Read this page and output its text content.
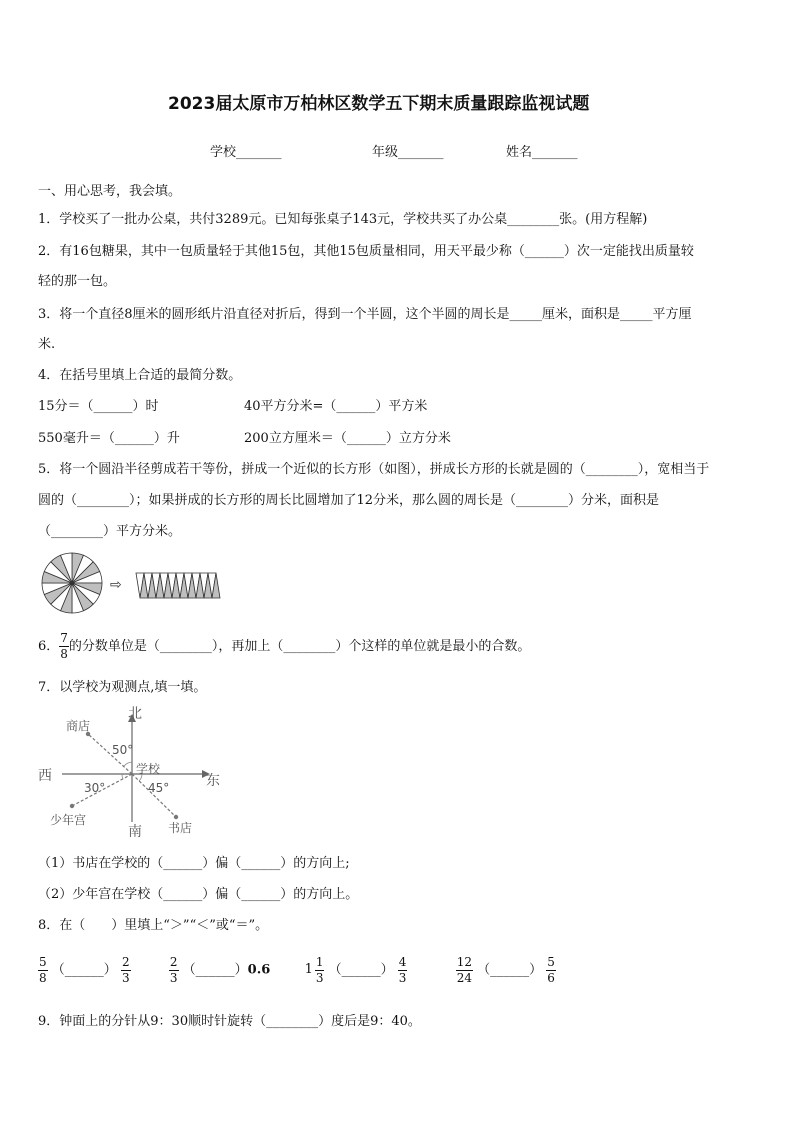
2023届太原市万柏林区数学五下期末质量跟踪监视试题
学校_______	年级_______	姓名_______
一、用心思考，我会填。
1．学校买了一批办公桌，共付3289元。已知每张桌子143元，学校共买了办公桌________张。(用方程解)
2．有16包糖果，其中一包质量轻于其他15包，其他15包质量相同，用天平最少称（______）次一定能找出质量较
轻的那一包。
3．将一个直径8厘米的圆形纸片沿直径对折后，得到一个半圆，这个半圆的周长是_____厘米，面积是_____平方厘
米.
4．在括号里填上合适的最简分数。
15分＝（______）时	40平方分米=（______）平方米
550毫升＝（______）升	200立方厘米＝（______）立方分米
5．将一个圆沿半径剪成若干等份，拼成一个近似的长方形（如图），拼成长方形的长就是圆的（________），宽相当于
圆的（________）；如果拼成的长方形的周长比圆增加了12分米，那么圆的周长是（________）分米，面积是
（________）平方分米。
⇨
6． $\frac{7}{8}$ 的分数单位是（________），再加上（________）个这样的单位就是最小的合数。
7．以学校为观测点,填一填。
北
南
西	东
商店
学校
书店
少年宫
50°
45°
30°
（1）书店在学校的（______）偏（______）的方向上;
（2）少年宫在学校（______）偏（______）的方向上。
8．在（　　）里填上“＞”“＜”或“＝”。
$\frac{5}{8}$ （______） $\frac{2}{3}$
	$\frac{2}{3}$ （______）0.6	$1 \frac{1}{3}$ （______） $\frac{4}{3}$
	$\frac{12}{24}$ （______） $\frac{5}{6}$
9．钟面上的分针从9：30顺时针旋转（________）度后是9：40。
